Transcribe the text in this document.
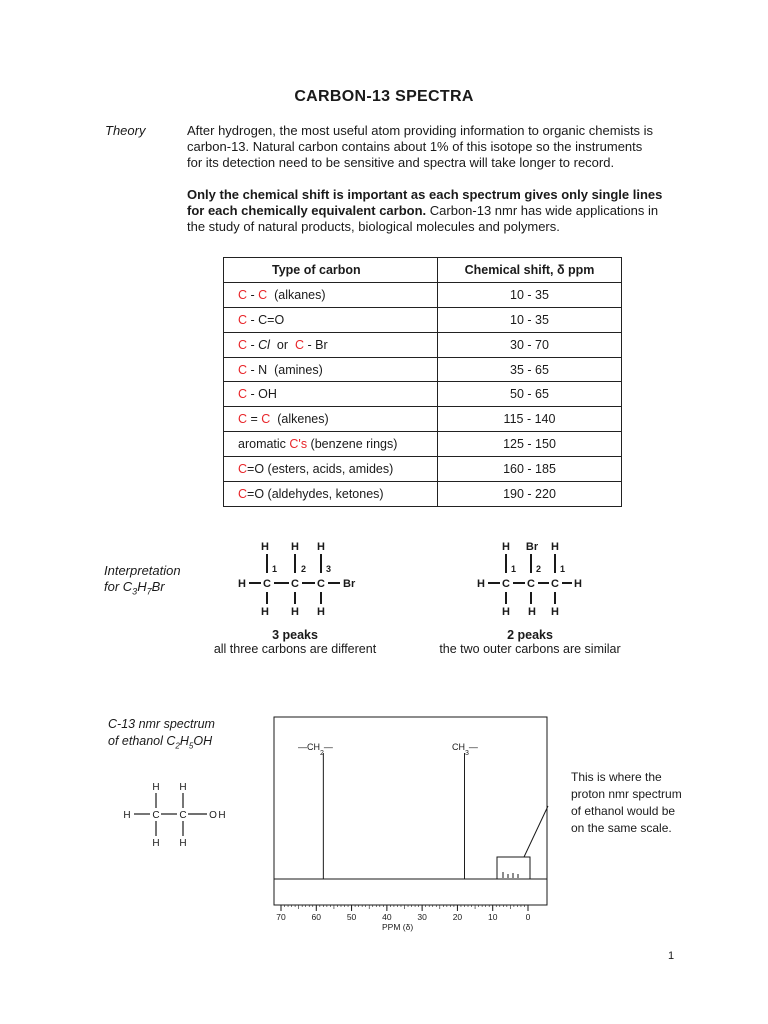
CARBON-13 SPECTRA
Theory	After hydrogen, the most useful atom providing information to organic chemists is
carbon-13. Natural carbon contains about 1% of this isotope so the instruments
for its detection need to be sensitive and spectra will take longer to record.
Only the chemical shift is important as each spectrum gives only single lines
for each chemically equivalent carbon. Carbon-13 nmr has wide applications in
the study of natural products, biological molecules and polymers.
Type of carbon	Chemical shift, δ ppm
C - C  (alkanes)	10 - 35
C - C=O	10 - 35
C - Cl  or  C - Br	30 - 70
C - N  (amines)	35 - 65
C - OH	50 - 65
C = C  (alkenes)	115 - 140
aromatic C's (benzene rings)	125 - 150
C=O (esters, acids, amides)	160 - 185
C=O (aldehydes, ketones)	190 - 220
Interpretation
for $C_3H_7Br$
H H H
1	2 3
H C C C Br
H H H
3 peaks
all three carbons are different
H Br H
1 2 1
H C C C H
H H H
2 peaks
the two outer carbons are similar
C-13 nmr spectrum
of ethanol $C_2H_5OH$
H H
H C C O H
H H
70	60	50	40	30	20	10	0
PPM (δ)
$—CH_2—$	$CH_3—$
This is where the
proton nmr spectrum
of ethanol would be
on the same scale.
1
